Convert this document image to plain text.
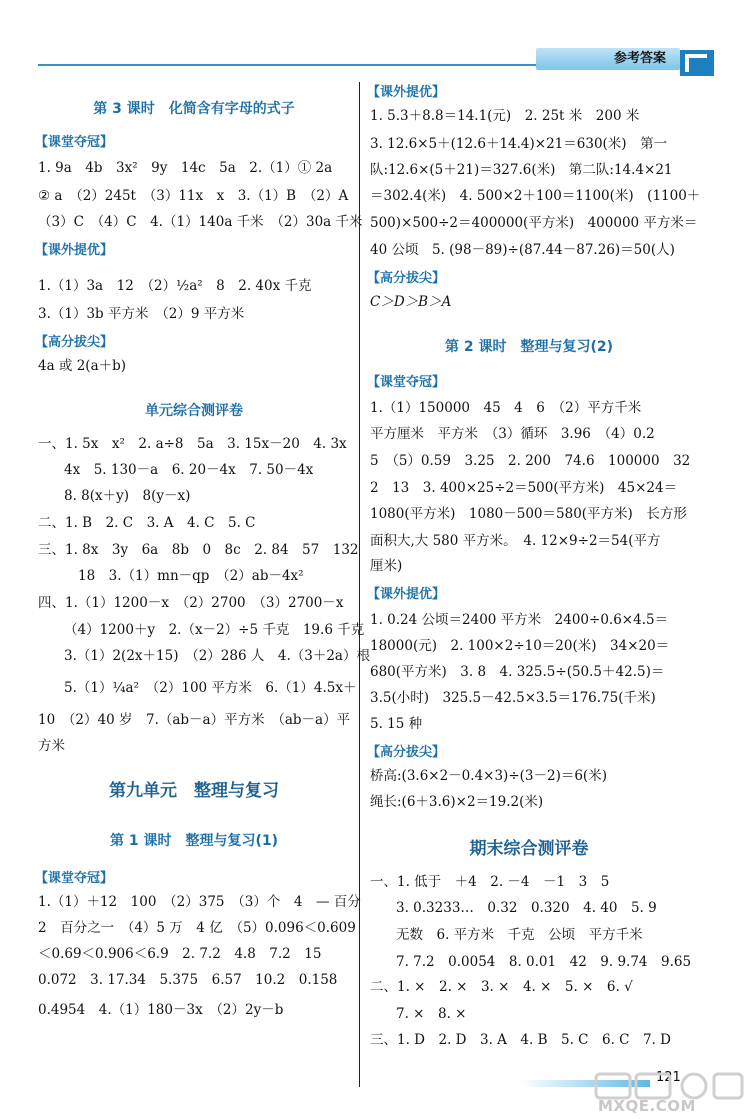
参考答案
第 3 课时　化简含有字母的式子
【课堂夺冠】
1. 9a　4b　3x²　9y　14c　5a　2.（1）① 2a
② a　（2）245t　（3）11x　x　3.（1）B　（2）A
（3）C　（4）C　4.（1）140a 千米　（2）30a 千米
【课外提优】
1.（1）3a　12　（2）½a²　8　2. 40x 千克
3.（1）3b 平方米　（2）9 平方米
【高分拔尖】
4a 或 2(a＋b)
单元综合测评卷
一、1. 5x　x²　2. a÷8　5a　3. 15x－20　4. 3x
4x　5. 130－a　6. 20－4x　7. 50－4x
8. 8(x＋y)　8(y－x)
二、1. B　2. C　3. A　4. C　5. C
三、1. 8x　3y　6a　8b　0　8c　2. 84　57　132
18　3.（1）mn－qp　（2）ab－4x²
四、1.（1）1200－x　（2）2700　（3）2700－x
（4）1200＋y　2.（x－2）÷5 千克　19.6 千克
3.（1）2(2x＋15)　（2）286 人　4.（3＋2a）根
5.（1）¼a²　（2）100 平方米　6.（1）4.5x＋
10　（2）40 岁　7.（ab－a）平方米　（ab－a）平
方米
第九单元　整理与复习
第 1 课时　整理与复习(1)
【课堂夺冠】
1.（1）＋12　100　（2）375　（3）个　4　— 百分
2　百分之一　（4）5 万　4 亿　（5）0.096＜0.609
＜0.69＜0.906＜6.9　2. 7.2　4.8　7.2　15
0.072　3. 17.34　5.375　6.57　10.2　0.158
0.4954　4.（1）180－3x　（2）2y－b
【课外提优】
1. 5.3＋8.8＝14.1(元)　2. 25t 米　200 米
3. 12.6×5＋(12.6＋14.4)×21＝630(米)　第一
队:12.6×(5＋21)＝327.6(米)　第二队:14.4×21
＝302.4(米)　4. 500×2＋100＝1100(米)　(1100＋
500)×500÷2＝400000(平方米)　400000 平方米＝
40 公顷　5. (98－89)÷(87.44－87.26)＝50(人)
【高分拔尖】
C＞D＞B＞A
第 2 课时　整理与复习(2)
【课堂夺冠】
1.（1）150000　45　4　6　（2）平方千米
平方厘米　平方米　（3）循环　3.96　（4）0.2
5　（5）0.59　3.25　2. 200　74.6　100000　32
2　13　3. 400×25÷2＝500(平方米)　45×24＝
1080(平方米)　1080－500＝580(平方米)　长方形
面积大,大 580 平方米。　4. 12×9÷2＝54(平方
厘米)
【课外提优】
1. 0.24 公顷＝2400 平方米　2400÷0.6×4.5＝
18000(元)　2. 100×2÷10＝20(米)　34×20＝
680(平方米)　3. 8　4. 325.5÷(50.5＋42.5)＝
3.5(小时)　325.5－42.5×3.5＝176.75(千米)
5. 15 种
【高分拔尖】
桥高:(3.6×2－0.4×3)÷(3－2)＝6(米)
绳长:(6＋3.6)×2＝19.2(米)
期末综合测评卷
一、1. 低于　＋4　2. －4　－1　3　5
3. 0.3233…　0.32　0.320　4. 40　5. 9
无数　6. 平方米　千克　公顷　平方千米
7. 7.2　0.0054　8. 0.01　42　9. 9.74　9.65
二、1. ×　2. ×　3. ×　4. ×　5. ×　6. √
7. ×　8. ×
三、1. D　2. D　3. A　4. B　5. C　6. C　7. D
121
MXQE.COM
